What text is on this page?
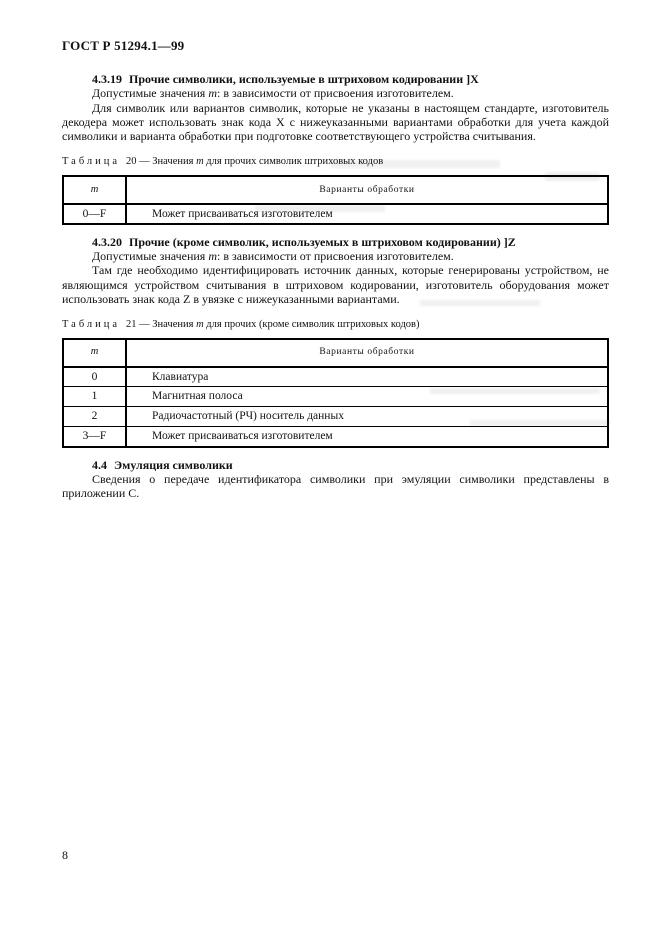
ГОСТ Р 51294.1—99
4.3.19 Прочие символики, используемые в штриховом кодировании ]X

Допустимые значения m: в зависимости от присвоения изготовителем.

Для символик или вариантов символик, которые не указаны в настоящем стандарте, изготовитель декодера может использовать знак кода X с нижеуказанными вариантами обработки для учета каждой символики и варианта обработки при подготовке соответствующего устройства считывания.

Таблица 20 — Значения m для прочих символик штриховых кодов
m	Варианты обработки
0—F	Может присваиваться изготовителем
4.3.20 Прочие (кроме символик, используемых в штриховом кодировании) ]Z

Допустимые значения m: в зависимости от присвоения изготовителем.

Там где необходимо идентифицировать источник данных, которые генерированы устройством, не являющимся устройством считывания в штриховом кодировании, изготовитель оборудования может использовать знак кода Z в увязке с нижеуказанными вариантами.

Таблица 21 — Значения m для прочих (кроме символик штриховых кодов)
m	Варианты обработки
0	Клавиатура
1	Магнитная полоса
2	Радиочастотный (РЧ) носитель данных
3—F	Может присваиваться изготовителем
4.4 Эмуляция символики

Сведения о передаче идентификатора символики при эмуляции символики представлены в приложении С.

8
